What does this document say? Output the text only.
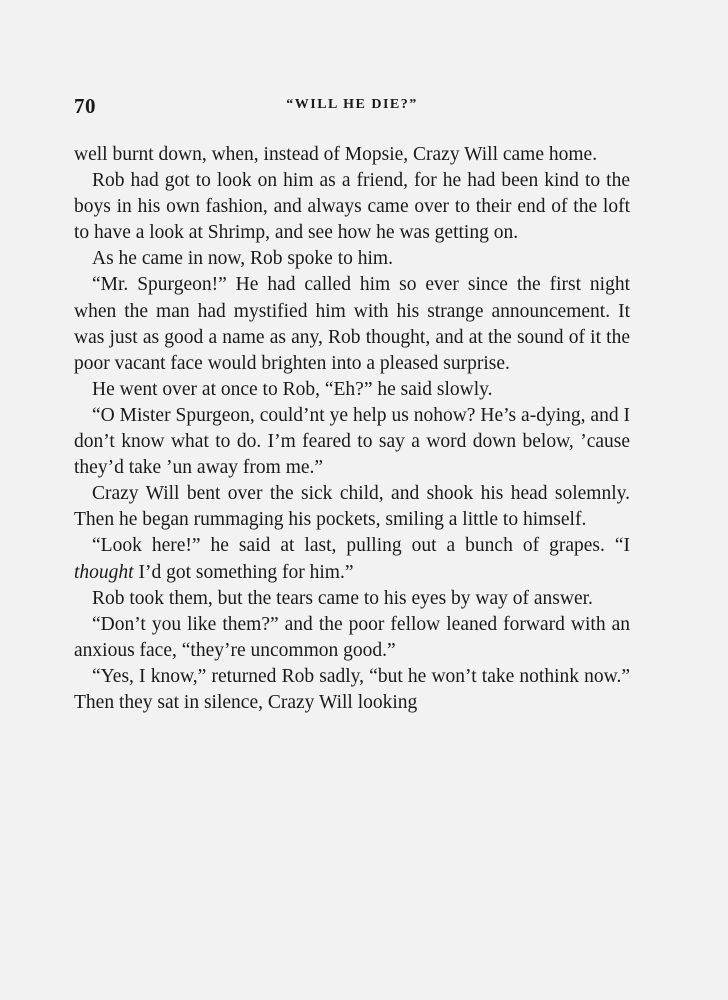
70	“WILL HE DIE?”

well burnt down, when, instead of Mopsie, Crazy Will came home.

Rob had got to look on him as a friend, for he had been kind to the boys in his own fashion, and always came over to their end of the loft to have a look at Shrimp, and see how he was getting on.

As he came in now, Rob spoke to him.

“Mr. Spurgeon!” He had called him so ever since the first night when the man had mystified him with his strange announcement. It was just as good a name as any, Rob thought, and at the sound of it the poor vacant face would brighten into a pleased surprise.

He went over at once to Rob, “Eh?” he said slowly.

“O Mister Spurgeon, could’nt ye help us nohow? He’s a-dying, and I don’t know what to do. I’m feared to say a word down below, ’cause they’d take ’un away from me.”

Crazy Will bent over the sick child, and shook his head solemnly. Then he began rummaging his pockets, smiling a little to himself.

“Look here!” he said at last, pulling out a bunch of grapes. “I thought I’d got something for him.”

Rob took them, but the tears came to his eyes by way of answer.

“Don’t you like them?” and the poor fellow leaned forward with an anxious face, “they’re uncommon good.”

“Yes, I know,” returned Rob sadly, “but he won’t take nothink now.” Then they sat in silence, Crazy Will looking
